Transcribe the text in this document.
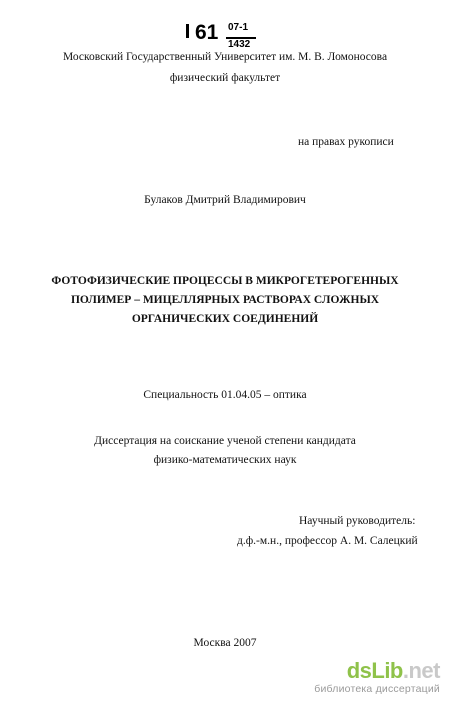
61 07-1
1432
Московский Государственный Университет им. М. В. Ломоносова
физический факультет
на правах рукописи
Булаков Дмитрий Владимирович
ФОТОФИЗИЧЕСКИЕ ПРОЦЕССЫ В МИКРОГЕТЕРОГЕННЫХ
ПОЛИМЕР – МИЦЕЛЛЯРНЫХ РАСТВОРАХ СЛОЖНЫХ
ОРГАНИЧЕСКИХ СОЕДИНЕНИЙ
Специальность 01.04.05 – оптика
Диссертация на соискание ученой степени кандидата
физико-математических наук
Научный руководитель:
д.ф.-м.н., профессор А. М. Салецкий
Москва 2007
dsLib.net
библиотека диссертаций
